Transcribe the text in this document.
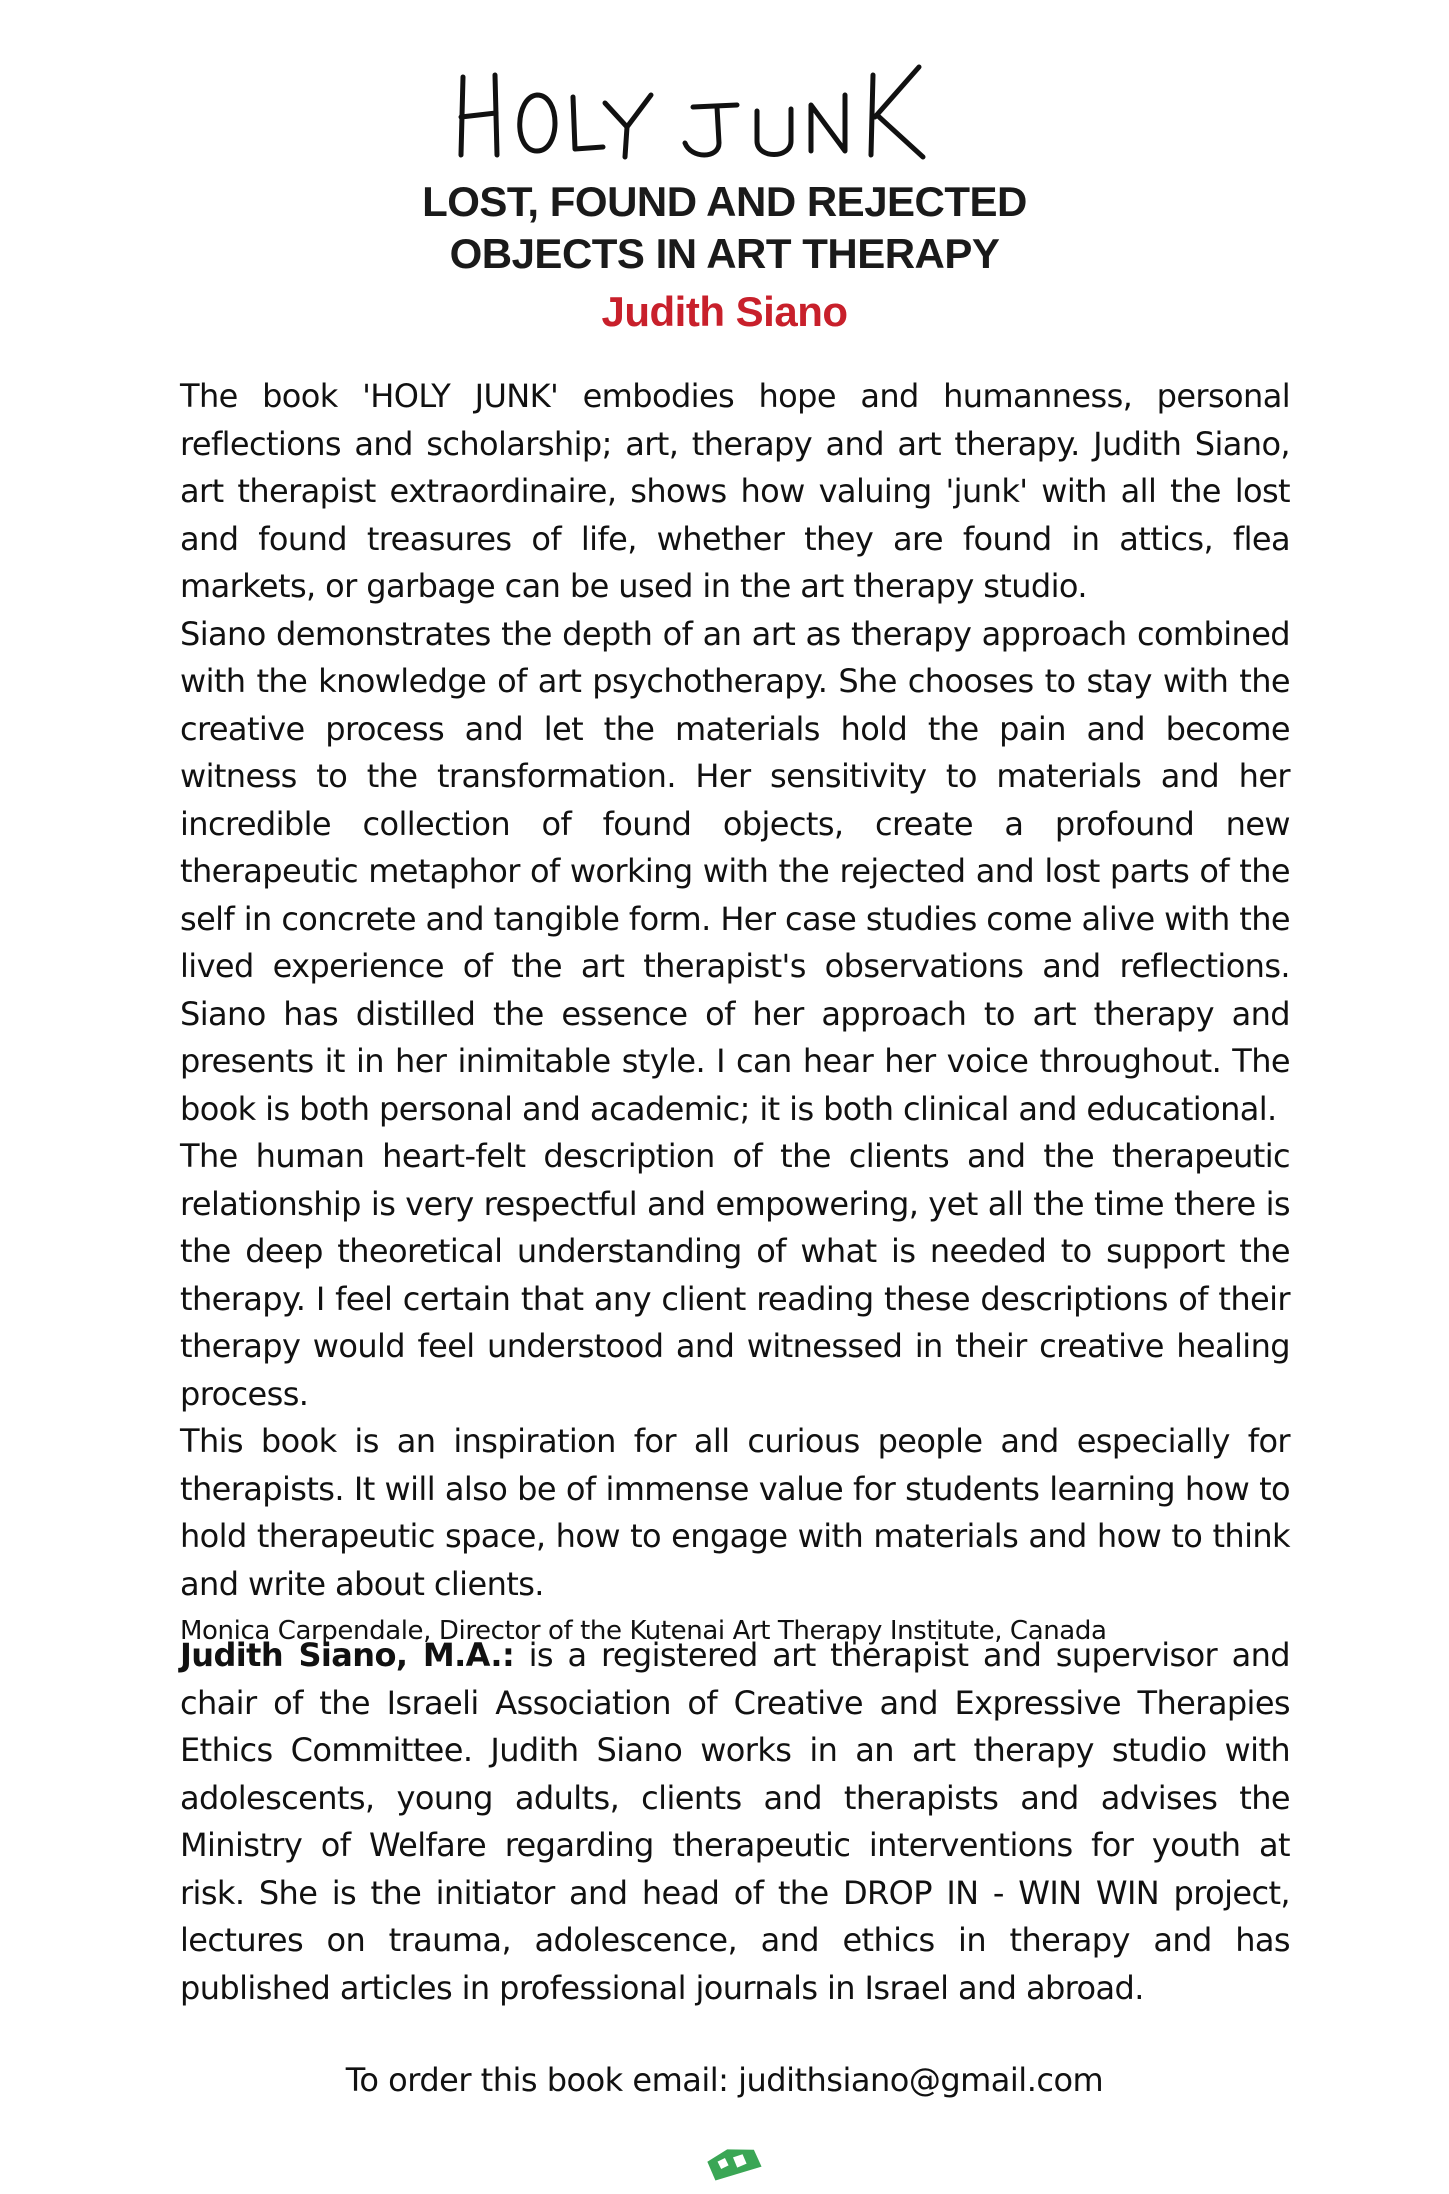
LOST, FOUND AND REJECTED
OBJECTS IN ART THERAPY
Judith Siano

The book 'HOLY JUNK' embodies hope and humanness, personal reflections and scholarship; art, therapy and art therapy. Judith Siano, art therapist extraordinaire, shows how valuing 'junk' with all the lost and found treasures of life, whether they are found in attics, flea markets, or garbage can be used in the art therapy studio.

Siano demonstrates the depth of an art as therapy approach combined with the knowledge of art psychotherapy. She chooses to stay with the creative process and let the materials hold the pain and become witness to the transformation. Her sensitivity to materials and her incredible collection of found objects, create a profound new therapeutic metaphor of working with the rejected and lost parts of the self in concrete and tangible form. Her case studies come alive with the lived experience of the art therapist's observations and reflections. Siano has distilled the essence of her approach to art therapy and presents it in her inimitable style. I can hear her voice throughout. The book is both personal and academic; it is both clinical and educational.

The human heart-felt description of the clients and the therapeutic relationship is very respectful and empowering, yet all the time there is the deep theoretical understanding of what is needed to support the therapy. I feel certain that any client reading these descriptions of their therapy would feel understood and witnessed in their creative healing process.

This book is an inspiration for all curious people and especially for therapists. It will also be of immense value for students learning how to hold therapeutic space, how to engage with materials and how to think and write about clients.

Monica Carpendale, Director of the Kutenai Art Therapy Institute, Canada

Judith Siano, M.A.: is a registered art therapist and supervisor and chair of the Israeli Association of Creative and Expressive Therapies Ethics Committee. Judith Siano works in an art therapy studio with adolescents, young adults, clients and therapists and advises the Ministry of Welfare regarding therapeutic interventions for youth at risk. She is the initiator and head of the DROP IN - WIN WIN project, lectures on trauma, adolescence, and ethics in therapy and has published articles in professional journals in Israel and abroad.

To order this book email: judithsiano@gmail.com
